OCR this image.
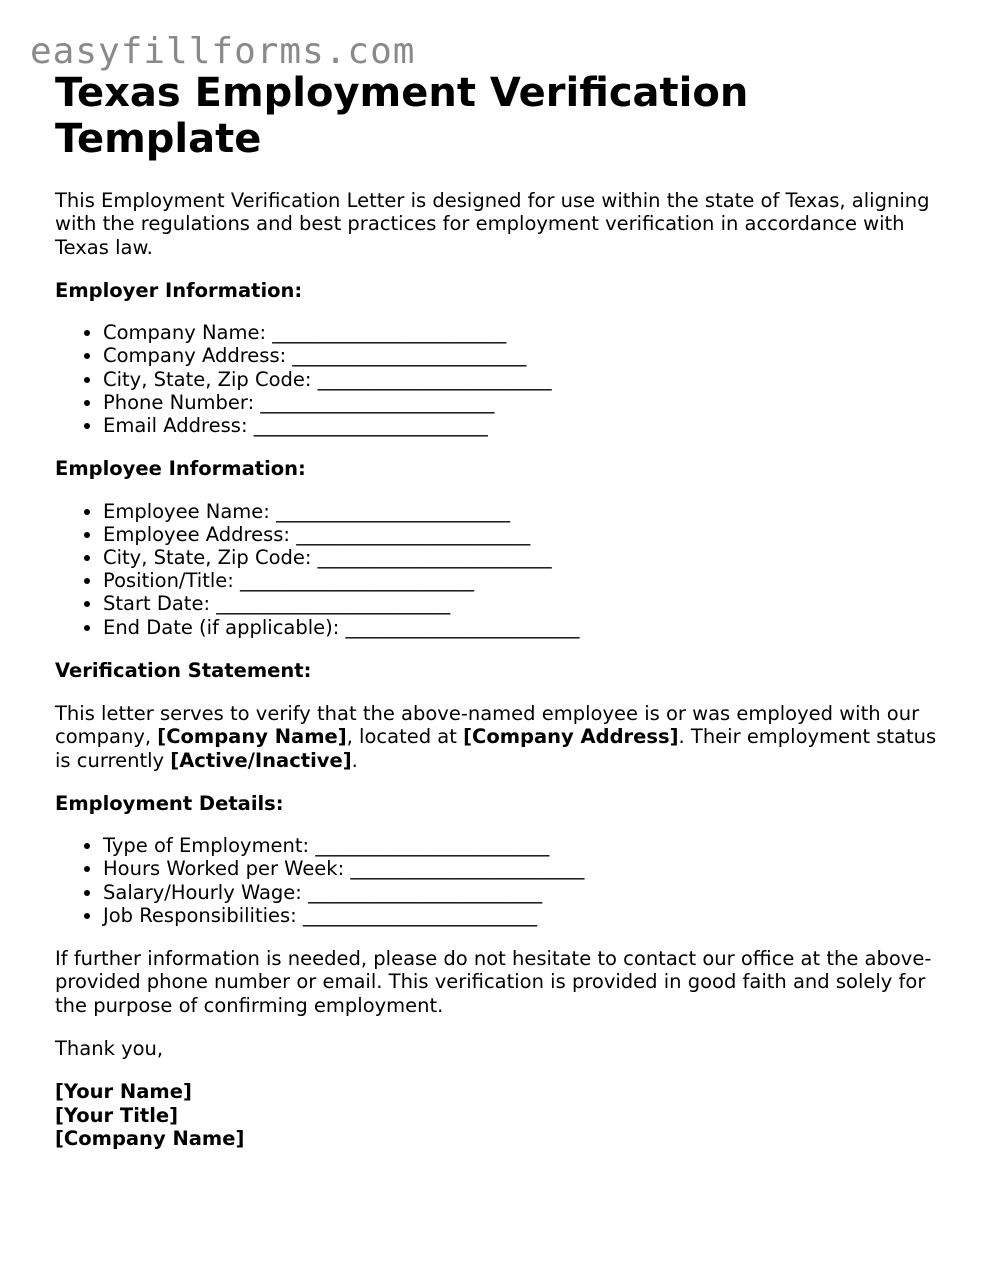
easyfillforms.com
Texas Employment Verification Template

This Employment Verification Letter is designed for use within the state of Texas, aligning with the regulations and best practices for employment verification in accordance with Texas law.

Employer Information:

• Company Name: ________________________
• Company Address: ________________________
• City, State, Zip Code: ________________________
• Phone Number: ________________________
• Email Address: ________________________

Employee Information:

• Employee Name: ________________________
• Employee Address: ________________________
• City, State, Zip Code: ________________________
• Position/Title: ________________________
• Start Date: ________________________
• End Date (if applicable): ________________________

Verification Statement:

This letter serves to verify that the above-named employee is or was employed with our company, [Company Name], located at [Company Address]. Their employment status is currently [Active/Inactive].

Employment Details:

• Type of Employment: ________________________
• Hours Worked per Week: ________________________
• Salary/Hourly Wage: ________________________
• Job Responsibilities: ________________________

If further information is needed, please do not hesitate to contact our office at the above-provided phone number or email. This verification is provided in good faith and solely for the purpose of confirming employment.

Thank you,

[Your Name]

[Your Title]

[Company Name]
